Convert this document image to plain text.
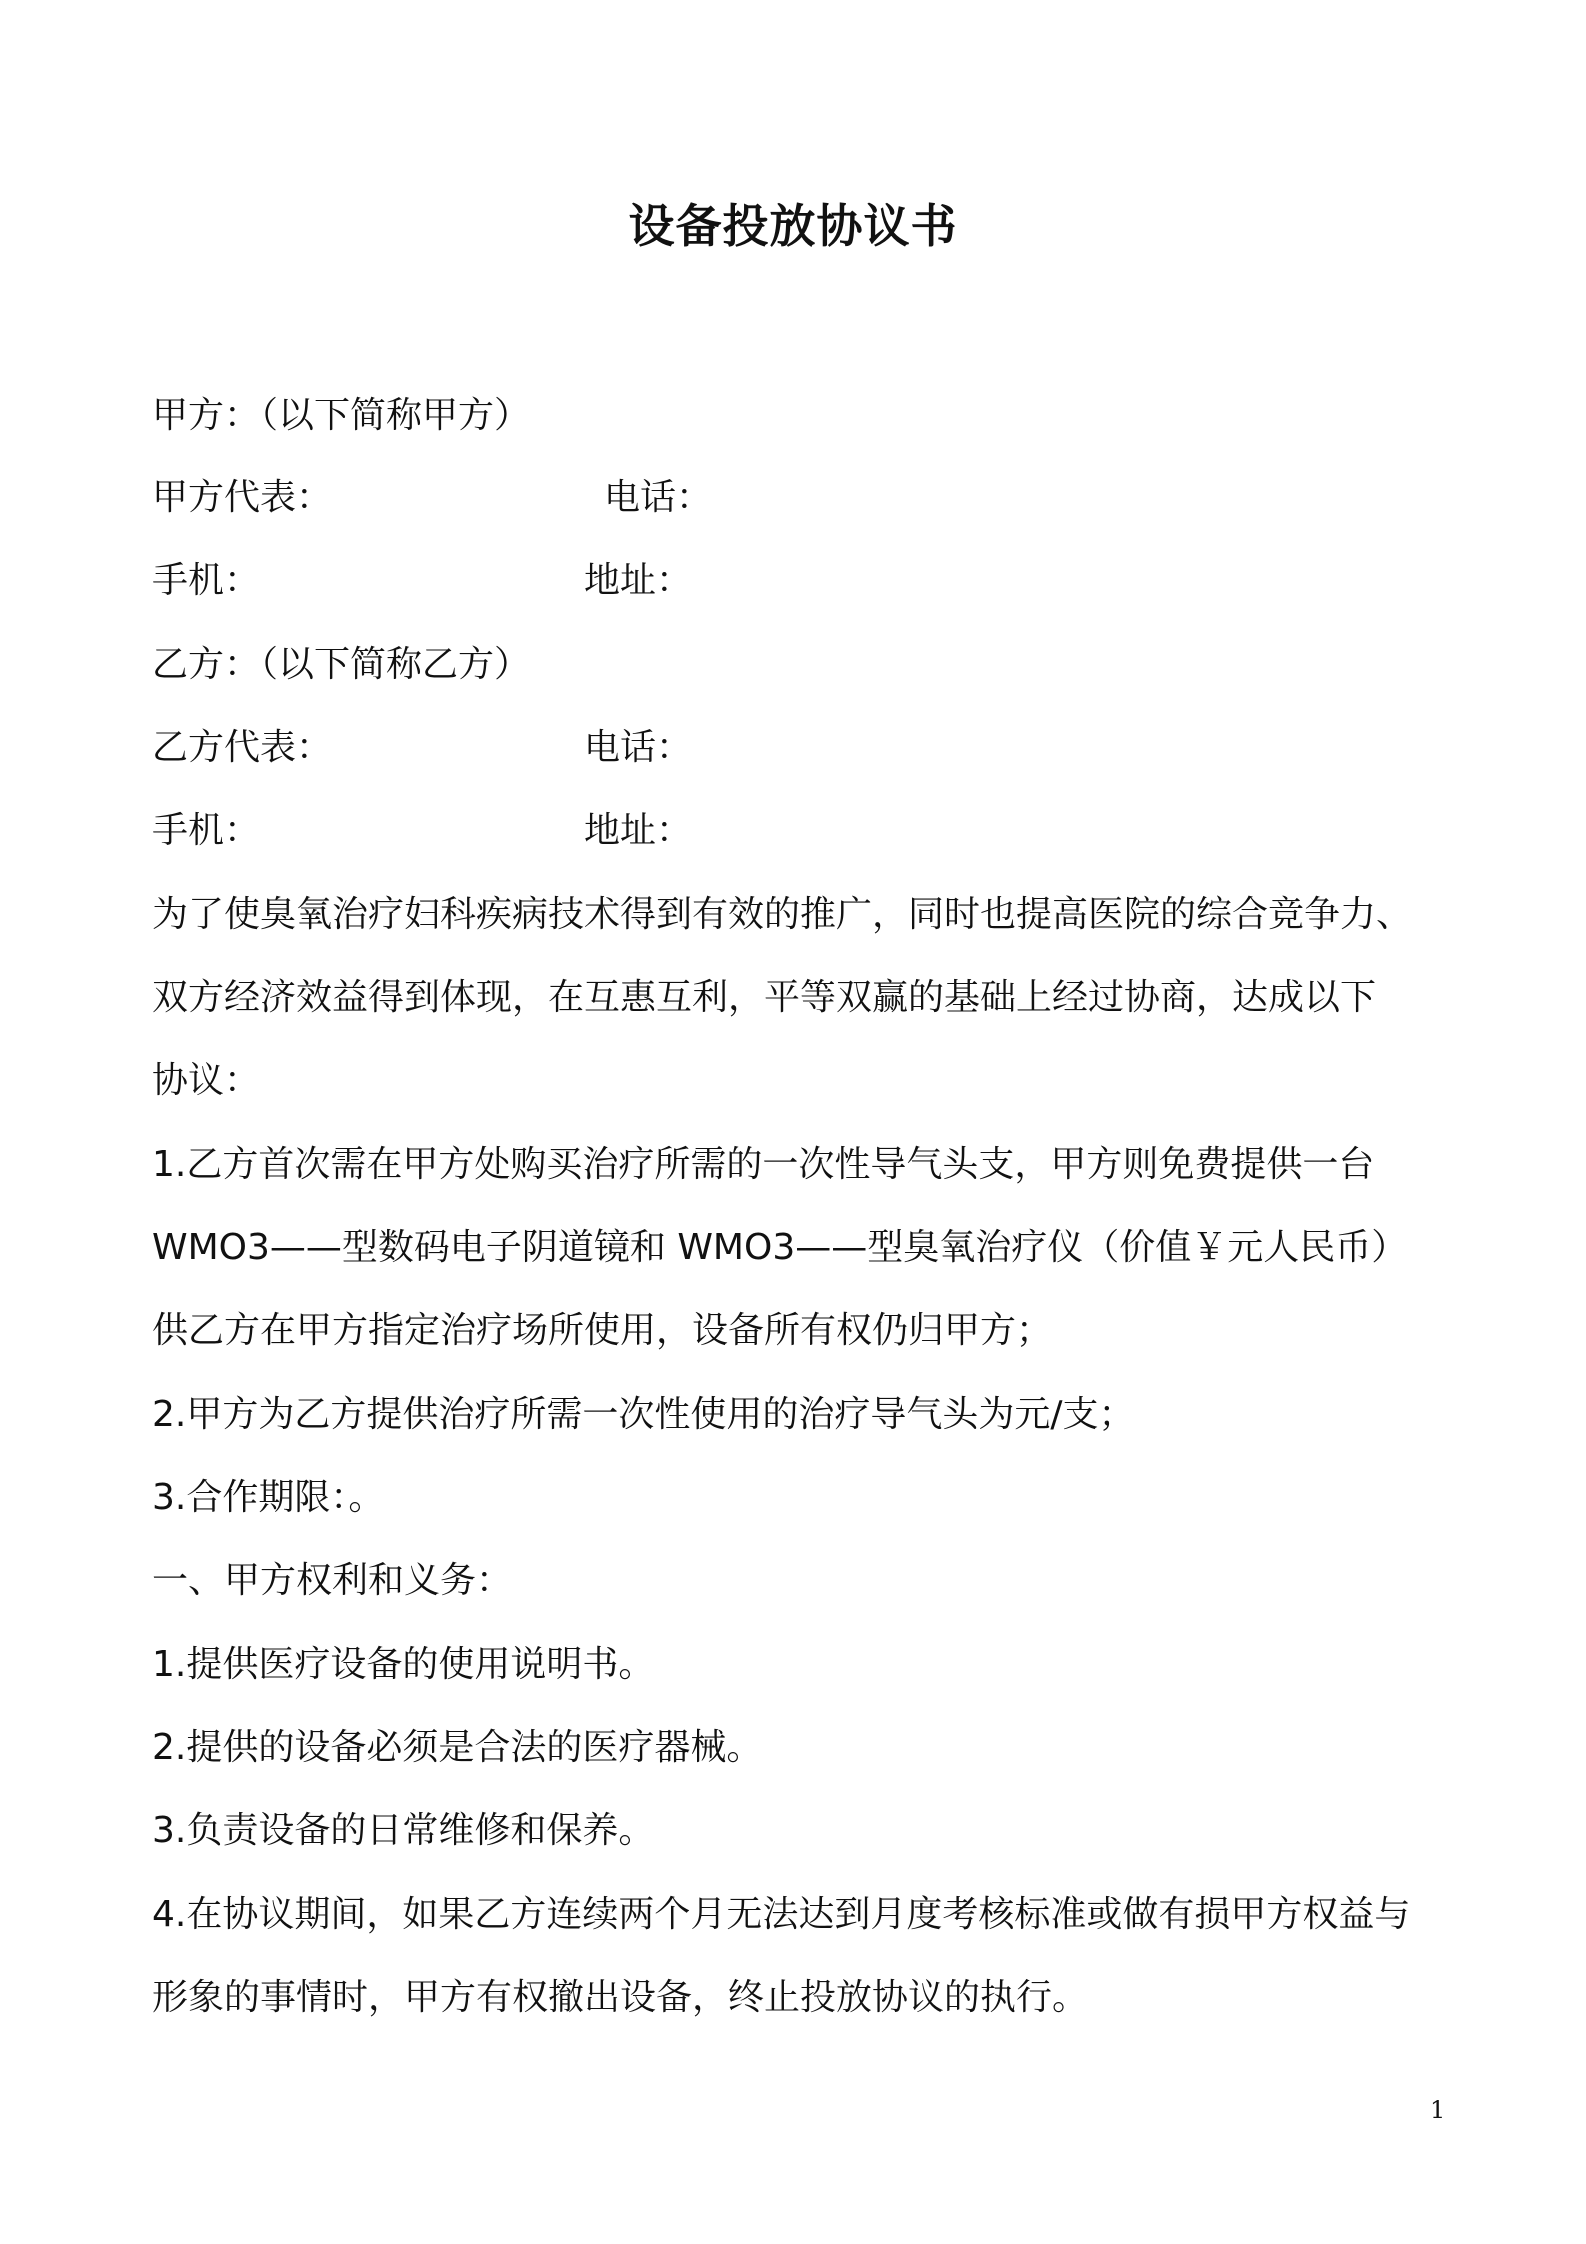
设备投放协议书
甲方：（以下简称甲方）
甲方代表：	电话：
手机：	地址：
乙方：（以下简称乙方）
乙方代表：	电话：
手机：	地址：
为了使臭氧治疗妇科疾病技术得到有效的推广，同时也提高医院的综合竞争力、
双方经济效益得到体现，在互惠互利，平等双赢的基础上经过协商，达成以下
协议：
1.乙方首次需在甲方处购买治疗所需的一次性导气头支，甲方则免费提供一台
WMO3——型数码电子阴道镜和 WMO3——型臭氧治疗仪（价值￥元人民币）
供乙方在甲方指定治疗场所使用，设备所有权仍归甲方；
2.甲方为乙方提供治疗所需一次性使用的治疗导气头为元/支；
3.合作期限：。
一、甲方权利和义务：
1.提供医疗设备的使用说明书。
2.提供的设备必须是合法的医疗器械。
3.负责设备的日常维修和保养。
4.在协议期间，如果乙方连续两个月无法达到月度考核标准或做有损甲方权益与
形象的事情时，甲方有权撤出设备，终止投放协议的执行。
1
